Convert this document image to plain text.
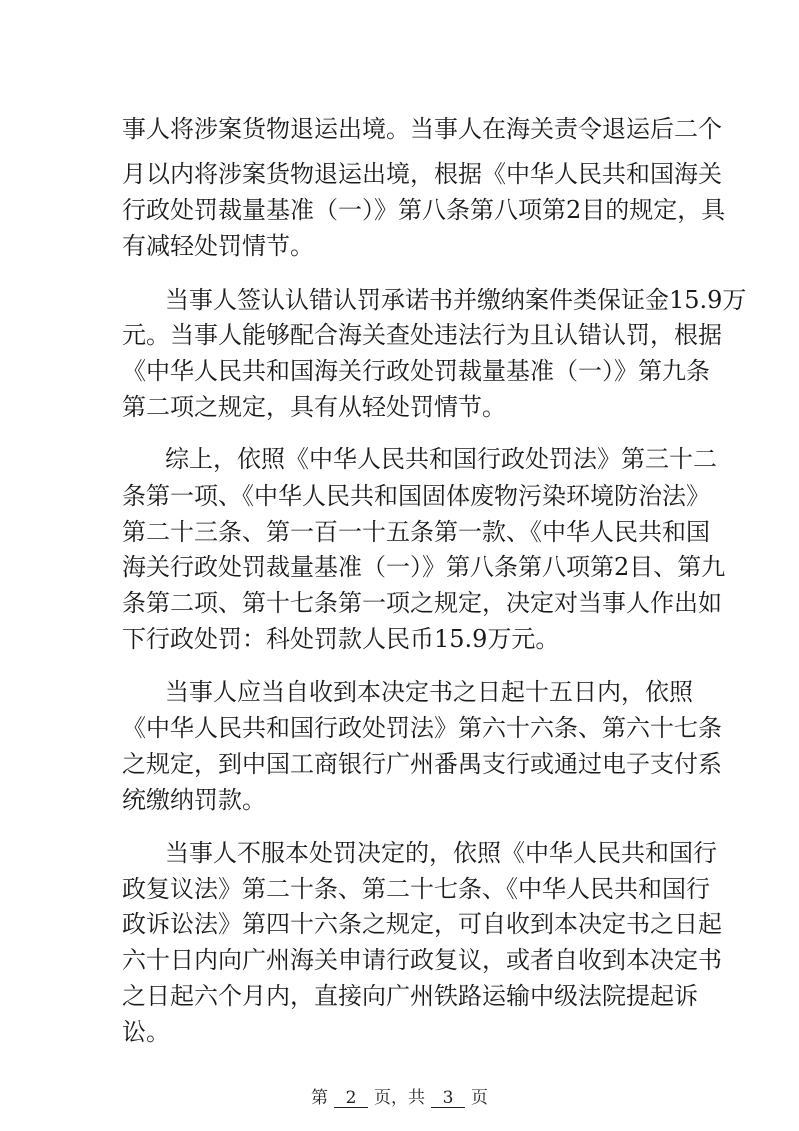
事人将涉案货物退运出境。当事人在海关责令退运后二个
月以内将涉案货物退运出境，根据《中华人民共和国海关
行政处罚裁量基准（一）》第八条第八项第2目的规定，具
有减轻处罚情节。
当事人签认认错认罚承诺书并缴纳案件类保证金15.9万
元。当事人能够配合海关查处违法行为且认错认罚，根据
《中华人民共和国海关行政处罚裁量基准（一）》第九条
第二项之规定，具有从轻处罚情节。
综上，依照《中华人民共和国行政处罚法》第三十二
条第一项、《中华人民共和国固体废物污染环境防治法》
第二十三条、第一百一十五条第一款、《中华人民共和国
海关行政处罚裁量基准（一）》第八条第八项第2目、第九
条第二项、第十七条第一项之规定，决定对当事人作出如
下行政处罚：科处罚款人民币15.9万元。
当事人应当自收到本决定书之日起十五日内，依照
《中华人民共和国行政处罚法》第六十六条、第六十七条
之规定，到中国工商银行广州番禺支行或通过电子支付系
统缴纳罚款。
当事人不服本处罚决定的，依照《中华人民共和国行
政复议法》第二十条、第二十七条、《中华人民共和国行
政诉讼法》第四十六条之规定，可自收到本决定书之日起
六十日内向广州海关申请行政复议，或者自收到本决定书
之日起六个月内，直接向广州铁路运输中级法院提起诉
讼。
第 2 页，共 3 页
